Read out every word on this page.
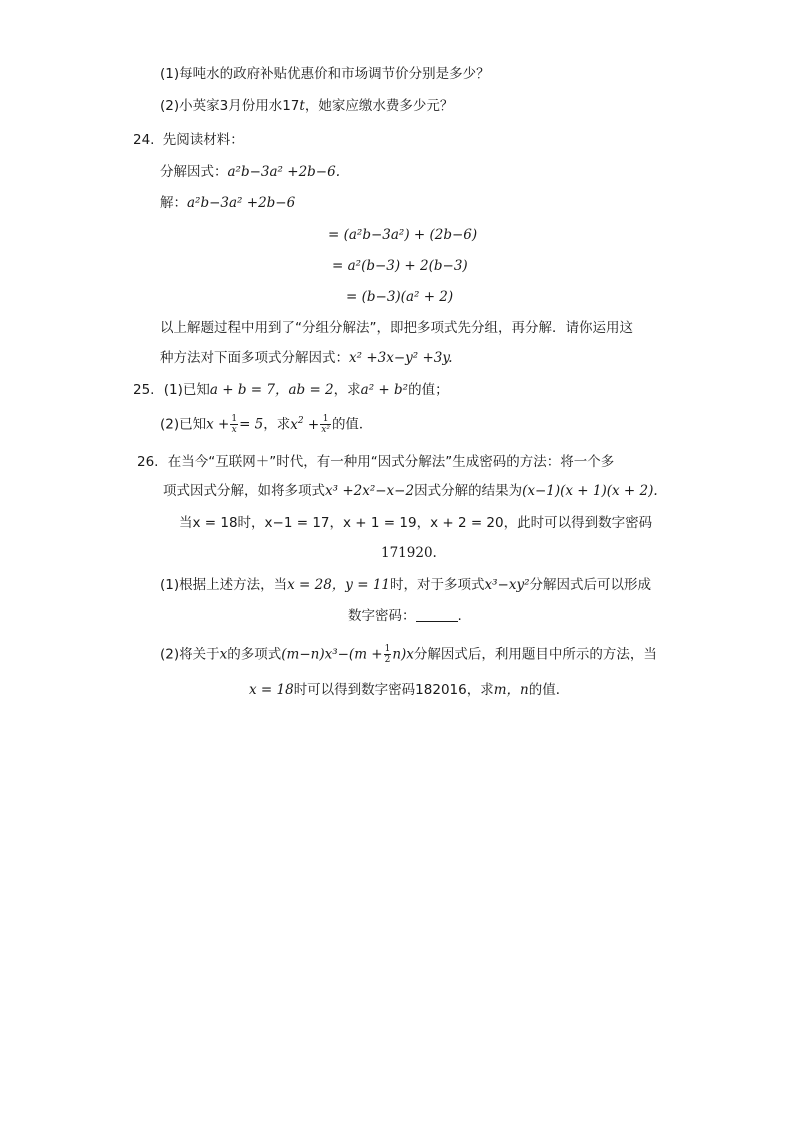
(1)每吨水的政府补贴优惠价和市场调节价分别是多少？
(2)小英家3月份用水17t，她家应缴水费多少元？
24. 先阅读材料：
分解因式：a²b−3a² +2b−6.
解：a²b−3a² +2b−6
= (a²b−3a²) + (2b−6)
= a²(b−3) + 2(b−3)
= (b−3)(a² + 2)
以上解题过程中用到了“分组分解法”，即把多项式先分组，再分解．请你运用这
种方法对下面多项式分解因式：x² +3x−y² +3y.
25. (1)已知a + b = 7，ab = 2，求a² + b²的值；
(2)已知$x + \frac{1}{x} = 5$，求$x^2 + \frac{1}{\text{x²}}$ 的值．
26. 在当今“互联网＋”时代，有一种用“因式分解法”生成密码的方法：将一个多
项式因式分解，如将多项式x³ +2x²−x−2因式分解的结果为(x−1)(x + 1)(x + 2).
当x = 18时，x−1 = 17，x + 1 = 19，x + 2 = 20，此时可以得到数字密码
171920.
(1)根据上述方法，当x = 28，y = 11时，对于多项式x³−xy²分解因式后可以形成
数字密码：	.
(2)将关于x的多项式$(m-n)x^3-(m + \frac{1}{2} n)x$分解因式后，利用题目中所示的方法，当
x = 18时可以得到数字密码182016，求m，n的值．
